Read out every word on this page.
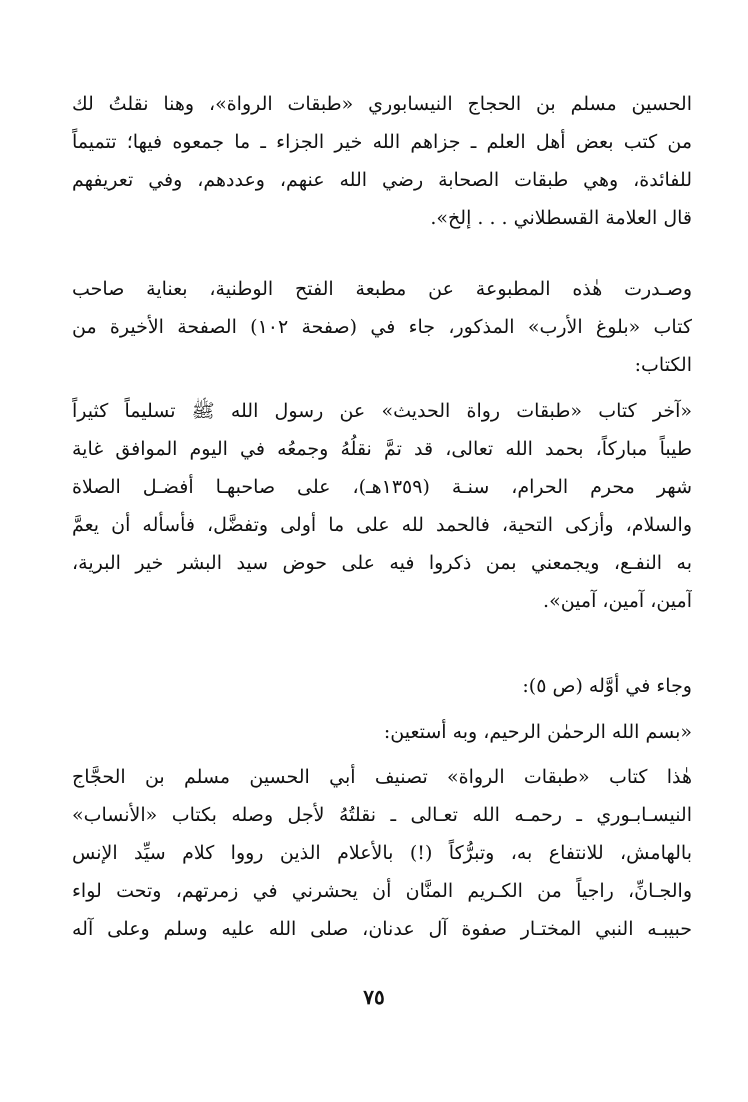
الحسين مسلم بن الحجاج النيسابوري «طبقات الرواة»، وهنا نقلتُ لك
من كتب بعض أهل العلم ـ جزاهم الله خير الجزاء ـ ما جمعوه فيها؛ تتميماً
للفائدة، وهي طبقات الصحابة رضي الله عنهم، وعددهم، وفي تعريفهم
قال العلامة القسطلاني . . . إلخ».
وصـدرت هٰذه المطبوعة عن مطبعة الفتح الوطنية، بعناية صاحب
كتاب «بلوغ الأرب» المذكور، جاء في (صفحة ١٠٢) الصفحة الأخيرة من
الكتاب:
«آخر كتاب «طبقات رواة الحديث» عن رسول الله ﷺ تسليماً كثيراً
طيباً مباركاً، بحمد الله تعالى، قد تمَّ نقلُهُ وجمعُه في اليوم الموافق غاية
شهر محرم الحرام، سنـة (١٣٥٩هـ)، على صاحبهـا أفضـل الصلاة
والسلام، وأزكى التحية، فالحمد لله على ما أولى وتفضَّل، فأسأله أن يعمَّ
به النفـع، ويجمعني بمن ذكروا فيه على حوض سيد البشر خير البرية،
آمين، آمين، آمين».
وجاء في أوَّله (ص ٥):
«بسم الله الرحمٰن الرحيم، وبه أستعين:
هٰذا كتاب «طبقات الرواة» تصنيف أبي الحسين مسلم بن الحجَّاج
النيسـابـوري ـ رحمـه الله تعـالى ـ نقلتُهُ لأجل وصله بكتاب «الأنساب»
بالهامش، للانتفاع به، وتبرُّكاً (!) بالأعلام الذين رووا كلام سيِّد الإنس
والجـانِّ، راجياً من الكـريم المنَّان أن يحشرني في زمرتهم، وتحت لواء
حبيبـه النبي المختـار صفوة آل عدنان، صلى الله عليه وسلم وعلى آله
٧٥
